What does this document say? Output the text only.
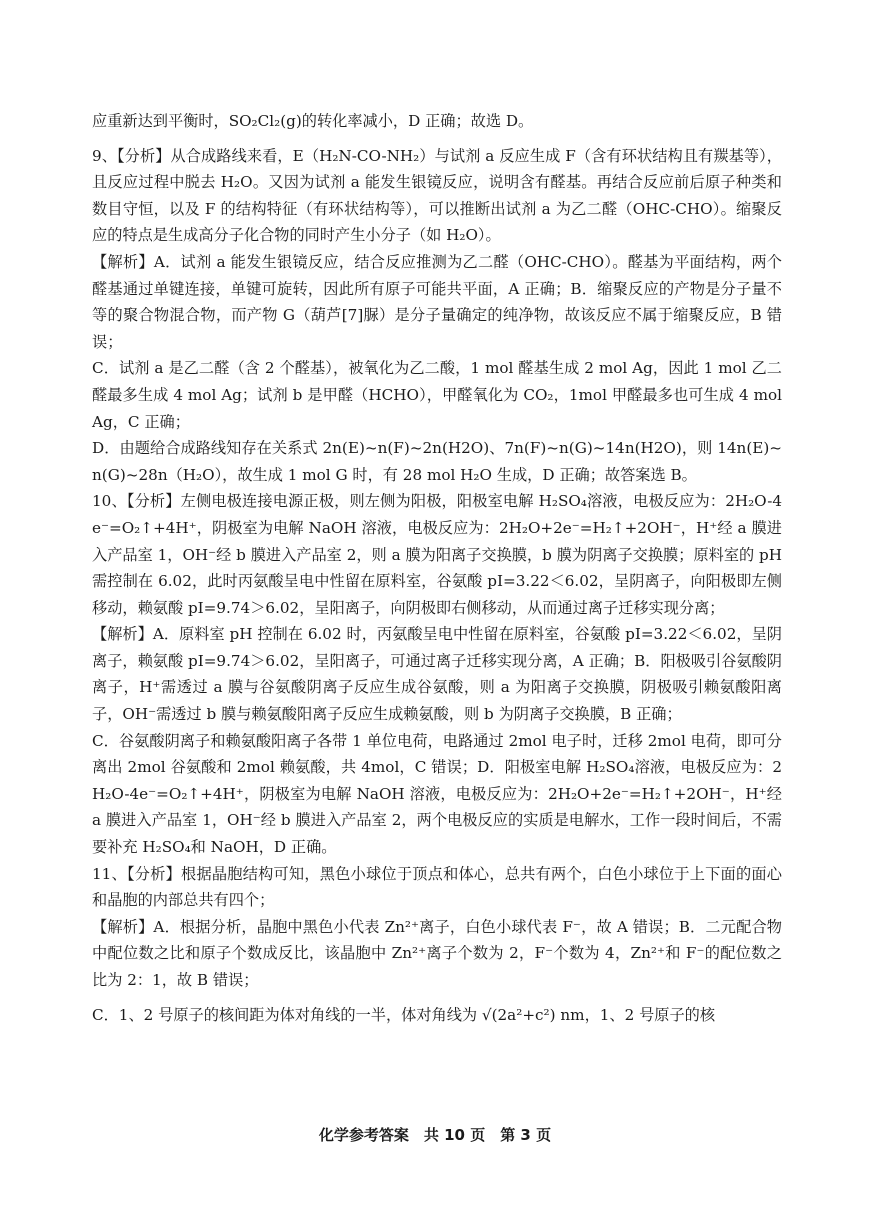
应重新达到平衡时，SO₂Cl₂(g)的转化率减小，D 正确；故选 D。

9、【分析】从合成路线来看，E（H₂N-CO-NH₂）与试剂 a 反应生成 F（含有环状结构且有羰基等），且反应过程中脱去 H₂O。又因为试剂 a 能发生银镜反应，说明含有醛基。再结合反应前后原子种类和数目守恒，以及 F 的结构特征（有环状结构等），可以推断出试剂 a 为乙二醛（OHC-CHO）。缩聚反应的特点是生成高分子化合物的同时产生小分子（如 H₂O）。

【解析】A．试剂 a 能发生银镜反应，结合反应推测为乙二醛（OHC-CHO）。醛基为平面结构，两个醛基通过单键连接，单键可旋转，因此所有原子可能共平面，A 正确；B．缩聚反应的产物是分子量不等的聚合物混合物，而产物 G（葫芦[7]脲）是分子量确定的纯净物，故该反应不属于缩聚反应，B 错误；

C．试剂 a 是乙二醛（含 2 个醛基），被氧化为乙二酸，1 mol 醛基生成 2 mol Ag，因此 1 mol 乙二醛最多生成 4 mol Ag；试剂 b 是甲醛（HCHO），甲醛氧化为 CO₂，1mol 甲醛最多也可生成 4 mol Ag，C 正确；

D．由题给合成路线知存在关系式 2n(E)~n(F)~2n(H2O)、7n(F)~n(G)~14n(H2O)，则 14n(E)~n(G)~28n（H₂O），故生成 1 mol G 时，有 28 mol H₂O 生成，D 正确；故答案选 B。

10、【分析】左侧电极连接电源正极，则左侧为阳极，阳极室电解 H₂SO₄溶液，电极反应为：2H₂O-4e⁻=O₂↑+4H⁺，阴极室为电解 NaOH 溶液，电极反应为：2H₂O+2e⁻=H₂↑+2OH⁻，H⁺经 a 膜进入产品室 1，OH⁻经 b 膜进入产品室 2，则 a 膜为阳离子交换膜，b 膜为阴离子交换膜；原料室的 pH 需控制在 6.02，此时丙氨酸呈电中性留在原料室，谷氨酸 pI=3.22＜6.02，呈阴离子，向阳极即左侧移动，赖氨酸 pI=9.74＞6.02，呈阳离子，向阴极即右侧移动，从而通过离子迁移实现分离；

【解析】A．原料室 pH 控制在 6.02 时，丙氨酸呈电中性留在原料室，谷氨酸 pI=3.22＜6.02，呈阴离子，赖氨酸 pI=9.74＞6.02，呈阳离子，可通过离子迁移实现分离，A 正确；B．阳极吸引谷氨酸阴离子，H⁺需透过 a 膜与谷氨酸阴离子反应生成谷氨酸，则 a 为阳离子交换膜，阴极吸引赖氨酸阳离子，OH⁻需透过 b 膜与赖氨酸阳离子反应生成赖氨酸，则 b 为阴离子交换膜，B 正确；

C．谷氨酸阴离子和赖氨酸阳离子各带 1 单位电荷，电路通过 2mol 电子时，迁移 2mol 电荷，即可分离出 2mol 谷氨酸和 2mol 赖氨酸，共 4mol，C 错误；D．阳极室电解 H₂SO₄溶液，电极反应为：2H₂O-4e⁻=O₂↑+4H⁺，阴极室为电解 NaOH 溶液，电极反应为：2H₂O+2e⁻=H₂↑+2OH⁻，H⁺经 a 膜进入产品室 1，OH⁻经 b 膜进入产品室 2，两个电极反应的实质是电解水，工作一段时间后，不需要补充 H₂SO₄和 NaOH，D 正确。

11、【分析】根据晶胞结构可知，黑色小球位于顶点和体心，总共有两个，白色小球位于上下面的面心和晶胞的内部总共有四个；

【解析】A．根据分析，晶胞中黑色小代表 Zn²⁺离子，白色小球代表 F⁻，故 A 错误；B．二元配合物中配位数之比和原子个数成反比，该晶胞中 Zn²⁺离子个数为 2，F⁻个数为 4，Zn²⁺和 F⁻的配位数之比为 2：1，故 B 错误；

C．1、2 号原子的核间距为体对角线的一半，体对角线为 √(2a²+c²) nm，1、2 号原子的核

化学参考答案　共 10 页　第 3 页
